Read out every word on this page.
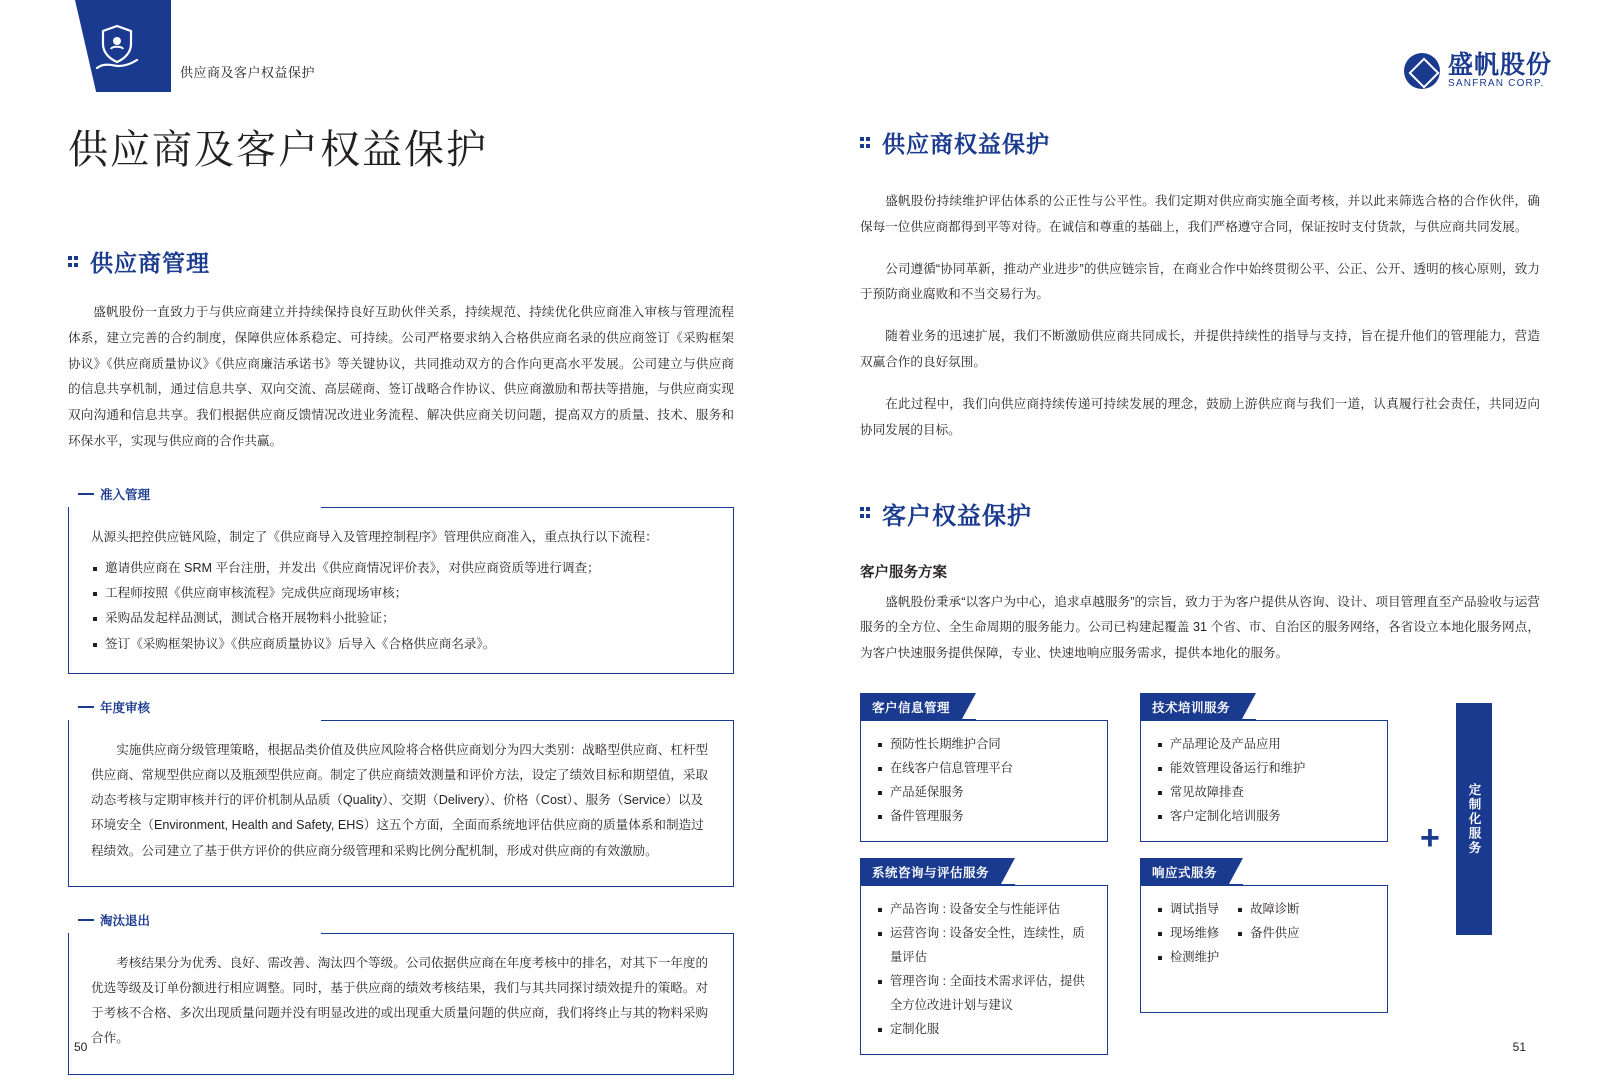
供应商及客户权益保护
供应商及客户权益保护
供应商管理

盛帆股份一直致力于与供应商建立并持续保持良好互助伙伴关系，持续规范、持续优化供应商准入审核与管理流程体系，建立完善的合约制度，保障供应体系稳定、可持续。公司严格要求纳入合格供应商名录的供应商签订《采购框架协议》《供应商质量协议》《供应商廉洁承诺书》等关键协议，共同推动双方的合作向更高水平发展。公司建立与供应商的信息共享机制，通过信息共享、双向交流、高层磋商、签订战略合作协议、供应商激励和帮扶等措施，与供应商实现双向沟通和信息共享。我们根据供应商反馈情况改进业务流程、解决供应商关切问题，提高双方的质量、技术、服务和环保水平，实现与供应商的合作共赢。

准入管理

从源头把控供应链风险，制定了《供应商导入及管理控制程序》管理供应商准入，重点执行以下流程：

邀请供应商在 SRM 平台注册，并发出《供应商情况评价表》，对供应商资质等进行调查；
工程师按照《供应商审核流程》完成供应商现场审核；
采购品发起样品测试，测试合格开展物料小批验证；
签订《采购框架协议》《供应商质量协议》后导入《合格供应商名录》。
年度审核

实施供应商分级管理策略，根据品类价值及供应风险将合格供应商划分为四大类别：战略型供应商、杠杆型供应商、常规型供应商以及瓶颈型供应商。制定了供应商绩效测量和评价方法，设定了绩效目标和期望值，采取动态考核与定期审核并行的评价机制从品质（Quality）、交期（Delivery）、价格（Cost）、服务（Service）以及环境安全（Environment, Health and Safety, EHS）这五个方面，全面而系统地评估供应商的质量体系和制造过程绩效。公司建立了基于供方评价的供应商分级管理和采购比例分配机制，形成对供应商的有效激励。

淘汰退出

考核结果分为优秀、良好、需改善、淘汰四个等级。公司依据供应商在年度考核中的排名，对其下一年度的优选等级及订单份额进行相应调整。同时，基于供应商的绩效考核结果，我们与其共同探讨绩效提升的策略。对于考核不合格、多次出现质量问题并没有明显改进的或出现重大质量问题的供应商，我们将终止与其的物料采购合作。

50
盛帆股份
SANFRAN CORP.
供应商权益保护

盛帆股份持续维护评估体系的公正性与公平性。我们定期对供应商实施全面考核，并以此来筛选合格的合作伙伴，确保每一位供应商都得到平等对待。在诚信和尊重的基础上，我们严格遵守合同，保证按时支付货款，与供应商共同发展。

公司遵循“协同革新，推动产业进步”的供应链宗旨，在商业合作中始终贯彻公平、公正、公开、透明的核心原则，致力于预防商业腐败和不当交易行为。

随着业务的迅速扩展，我们不断激励供应商共同成长，并提供持续性的指导与支持，旨在提升他们的管理能力，营造双赢合作的良好氛围。

在此过程中，我们向供应商持续传递可持续发展的理念，鼓励上游供应商与我们一道，认真履行社会责任，共同迈向协同发展的目标。

客户权益保护
客户服务方案

盛帆股份秉承“以客户为中心，追求卓越服务”的宗旨，致力于为客户提供从咨询、设计、项目管理直至产品验收与运营服务的全方位、全生命周期的服务能力。公司已构建起覆盖 31 个省、市、自治区的服务网络，各省设立本地化服务网点，为客户快速服务提供保障，专业、快速地响应服务需求，提供本地化的服务。

客户信息管理
预防性长期维护合同
在线客户信息管理平台
产品延保服务
备件管理服务
技术培训服务
产品理论及产品应用
能效管理设备运行和维护
常见故障排查
客户定制化培训服务
系统咨询与评估服务
产品咨询 : 设备安全与性能评估
运营咨询 : 设备安全性，连续性，质量评估
管理咨询 : 全面技术需求评估，提供全方位改进计划与建议
定制化服
响应式服务
调试指导
现场维修
检测维护
故障诊断
备件供应
+	定制化服务
51
